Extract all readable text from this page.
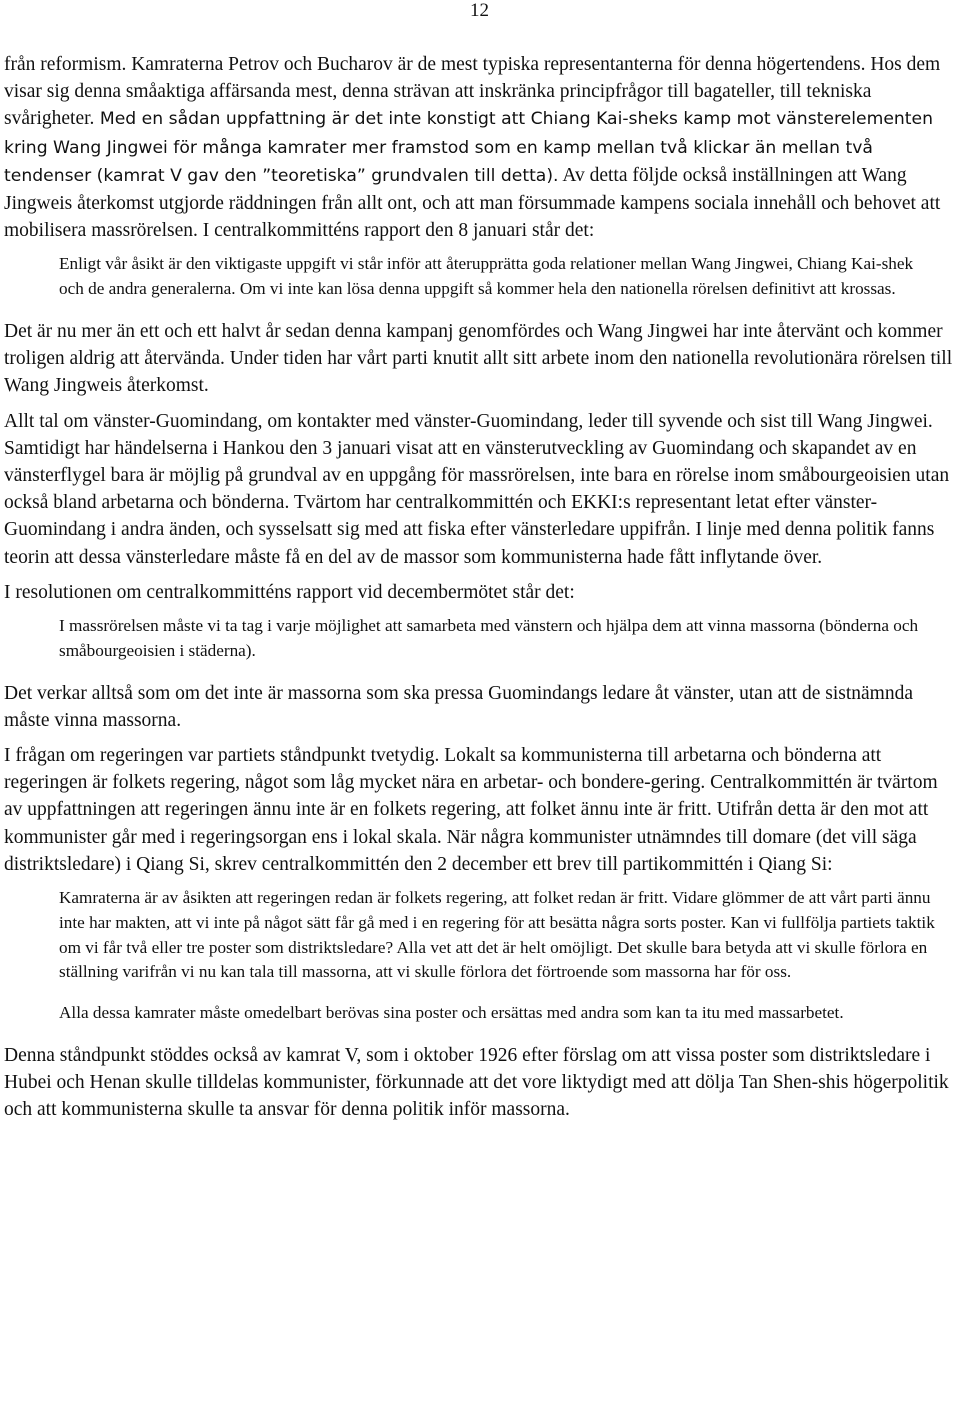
12

från reformism. Kamraterna Petrov och Bucharov är de mest typiska representanterna för denna högertendens. Hos dem visar sig denna småaktiga affärsanda mest, denna strävan att inskränka principfrågor till bagateller, till tekniska svårigheter. Med en sådan uppfattning är det inte konstigt att Chiang Kai-sheks kamp mot vänsterelementen kring Wang Jingwei för många kamrater mer framstod som en kamp mellan två klickar än mellan två tendenser (kamrat V gav den ”teoretiska” grundvalen till detta). Av detta följde också inställningen att Wang Jingweis återkomst utgjorde räddningen från allt ont, och att man försummade kampens sociala innehåll och behovet att mobilisera massrörelsen. I centralkommitténs rapport den 8 januari står det:

Enligt vår åsikt är den viktigaste uppgift vi står inför att återupprätta goda relationer mellan Wang Jingwei, Chiang Kai-shek och de andra generalerna. Om vi inte kan lösa denna uppgift så kommer hela den nationella rörelsen definitivt att krossas.

Det är nu mer än ett och ett halvt år sedan denna kampanj genomfördes och Wang Jingwei har inte återvänt och kommer troligen aldrig att återvända. Under tiden har vårt parti knutit allt sitt arbete inom den nationella revolutionära rörelsen till Wang Jingweis återkomst.

Allt tal om vänster-Guomindang, om kontakter med vänster-Guomindang, leder till syvende och sist till Wang Jingwei. Samtidigt har händelserna i Hankou den 3 januari visat att en vänsterutveckling av Guomindang och skapandet av en vänsterflygel bara är möjlig på grundval av en uppgång för massrörelsen, inte bara en rörelse inom småbourgeoisien utan också bland arbetarna och bönderna. Tvärtom har centralkommittén och EKKI:s representant letat efter vänster-Guomindang i andra änden, och sysselsatt sig med att fiska efter vänsterledare uppifrån. I linje med denna politik fanns teorin att dessa vänsterledare måste få en del av de massor som kommunisterna hade fått inflytande över.

I resolutionen om centralkommitténs rapport vid decembermötet står det:

I massrörelsen måste vi ta tag i varje möjlighet att samarbeta med vänstern och hjälpa dem att vinna massorna (bönderna och småbourgeoisien i städerna).

Det verkar alltså som om det inte är massorna som ska pressa Guomindangs ledare åt vänster, utan att de sistnämnda måste vinna massorna.

I frågan om regeringen var partiets ståndpunkt tvetydig. Lokalt sa kommunisterna till arbetarna och bönderna att regeringen är folkets regering, något som låg mycket nära en arbetar- och bondere-gering. Centralkommittén är tvärtom av uppfattningen att regeringen ännu inte är en folkets regering, att folket ännu inte är fritt. Utifrån detta är den mot att kommunister går med i regeringsorgan ens i lokal skala. När några kommunister utnämndes till domare (det vill säga distriktsledare) i Qiang Si, skrev centralkommittén den 2 december ett brev till partikommittén i Qiang Si:

Kamraterna är av åsikten att regeringen redan är folkets regering, att folket redan är fritt. Vidare glömmer de att vårt parti ännu inte har makten, att vi inte på något sätt får gå med i en regering för att besätta några sorts poster. Kan vi fullfölja partiets taktik om vi får två eller tre poster som distriktsledare? Alla vet att det är helt omöjligt. Det skulle bara betyda att vi skulle förlora en ställning varifrån vi nu kan tala till massorna, att vi skulle förlora det förtroende som massorna har för oss.

Alla dessa kamrater måste omedelbart berövas sina poster och ersättas med andra som kan ta itu med massarbetet.

Denna ståndpunkt stöddes också av kamrat V, som i oktober 1926 efter förslag om att vissa poster som distriktsledare i Hubei och Henan skulle tilldelas kommunister, förkunnade att det vore liktydigt med att dölja Tan Shen-shis högerpolitik och att kommunisterna skulle ta ansvar för denna politik inför massorna.
